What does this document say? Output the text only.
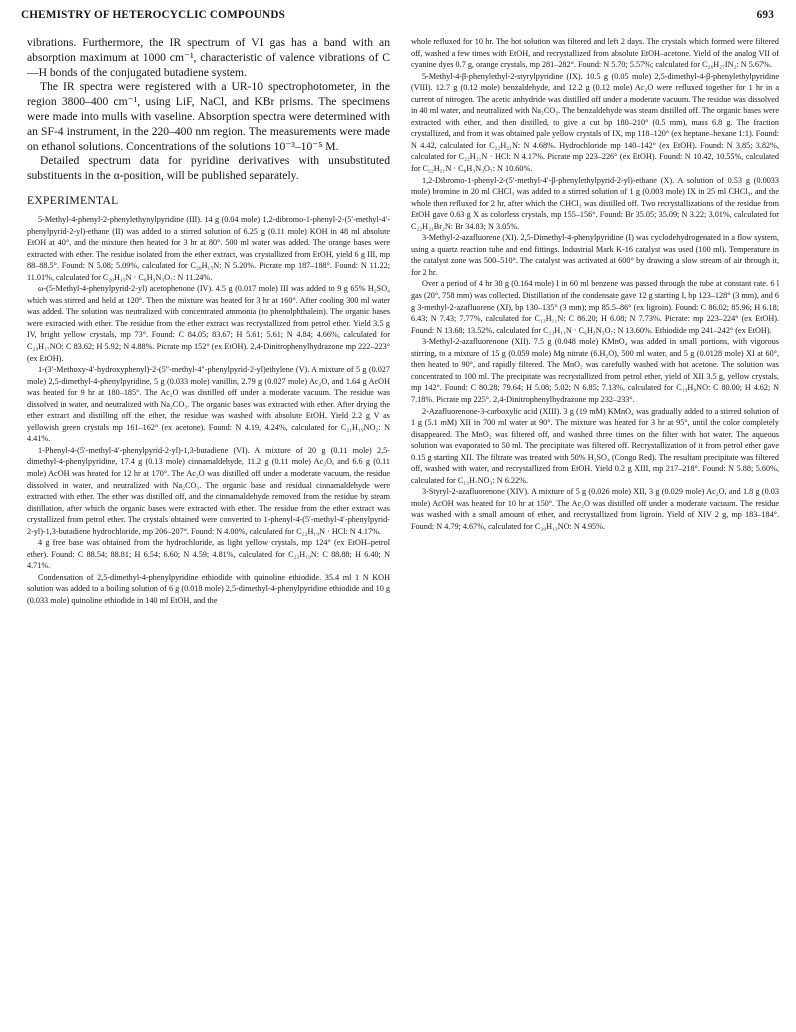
CHEMISTRY OF HETEROCYCLIC COMPOUNDS	693

vibrations. Furthermore, the IR spectrum of VI gas has a band with an absorption maximum at 1000 cm⁻¹, characteristic of valence vibrations of C—H bonds of the conjugated butadiene system.

The IR spectra were registered with a UR-10 spectrophotometer, in the region 3800–400 cm⁻¹, using LiF, NaCl, and KBr prisms. The specimens were made into mulls with vaseline. Absorption spectra were determined with an SF-4 instrument, in the 220–400 nm region. The measurements were made on ethanol solutions. Concentrations of the solutions 10⁻³–10⁻⁵ M.

Detailed spectrum data for pyridine derivatives with unsubstituted substituents in the α-position, will be published separately.

EXPERIMENTAL

5-Methyl-4-phenyl-2-phenylethynylpyridine (III). 14 g (0.04 mole) 1,2-dibromo-1-phenyl-2-(5′-methyl-4′-phenylpyrid-2-yl)-ethane (II) was added to a stirred solution of 6.25 g (0.11 mole) KOH in 48 ml absolute EtOH at 40°, and the mixture then heated for 3 hr at 80°. 500 ml water was added. The orange bases were extracted with ether. The residue isolated from the ether extract, was crystallized from EtOH, yield 6 g III, mp 88–88.5°. Found: N 5.08; 5.09%, calculated for C₂₀H₁₅N: N 5.20%. Picrate mp 187–188°. Found: N 11.22; 11.01%, calculated for C₂₀H₁₅N · C₆H₃N₃O₇: N 11.24%.

ω-(5-Methyl-4-phenylpyrid-2-yl) acetophenone (IV). 4.5 g (0.017 mole) III was added to 9 g 65% H₂SO₄ which was stirred and held at 120°. Then the mixture was heated for 3 hr at 160°. After cooling 300 ml water was added. The solution was neutralized with concentrated ammonia (to phenolphthalein). The organic bases were extracted with ether. The residue from the ether extract was recrystallized from petrol ether. Yield 3.5 g IV, bright yellow crystals, mp 73°. Found: C 84.05; 83.67; H 5.61; 5.61; N 4.84; 4.66%, calculated for C₂₀H₁₇NO: C 83.62; H 5.92; N 4.88%. Picrate mp 152° (ex EtOH). 2,4-Dinitrophenylhydrazone mp 222–223° (ex EtOH).

1-(3′-Methoxy-4′-hydroxyphenyl)-2-(5″-methyl-4″-phenylpyrid-2-yl)ethylene (V). A mixture of 5 g (0.027 mole) 2,5-dimethyl-4-phenylpyridine, 5 g (0.033 mole) vanillin, 2.79 g (0.027 mole) Ac₂O, and 1.64 g AcOH was heated for 9 hr at 180–185°. The Ac₂O was distilled off under a moderate vacuum. The residue was dissolved in water, and neutralized with Na₂CO₃. The organic bases was extracted with ether. After drying the ether extract and distilling off the ether, the residue was washed with absolute EtOH. Yield 2.2 g V as yellowish green crystals mp 161–162° (ex acetone). Found: N 4.19, 4.24%, calculated for C₂₁H₁₉NO₂: N 4.41%.

1-Phenyl-4-(5′-methyl-4′-phenylpyrid-2-yl)-1,3-butadiene (VI). A mixture of 20 g (0.11 mole) 2,5-dimethyl-4-phenylpyridine, 17.4 g (0.13 mole) cinnamaldehyde, 11.2 g (0.11 mole) Ac₂O, and 6.6 g (0.11 mole) AcOH was heated for 12 hr at 170°. The Ac₂O was distilled off under a moderate vacuum, the residue dissolved in water, and neutralized with Na₂CO₃. The organic base and residual cinnamaldehyde were extracted with ether. The ether was distilled off, and the cinnamaldehyde removed from the residue by steam distillation, after which the organic bases were extracted with ether. The residue from the ether extract was crystallized from petrol ether. The crystals obtained were converted to 1-phenyl-4-(5′-methyl-4′-phenylpyrid-2-yl)-1,3-butadiene hydrochloride, mp 206–207°. Found: N 4.00%, calculated for C₂₂H₁₉N · HCl: N 4.17%.

4 g free base was obtained from the hydrochloride, as light yellow crystals, mp 124° (ex EtOH–petrol ether). Found: C 88.54; 88.81; H 6.54; 6.60; N 4.59; 4.81%, calculated for C₂₂H₁₉N: C 88.88; H 6.40; N 4.71%.

Condensation of 2,5-dimethyl-4-phenylpyridine ethiodide with quinoline ethiodide. 35.4 ml 1 N KOH solution was added to a boiling solution of 6 g (0.018 mole) 2,5-dimethyl-4-phenylpyridine ethiodide and 10 g (0.033 mole) quinoline ethiodide in 140 ml EtOH, and the

whole refluxed for 10 hr. The hot solution was filtered and left 2 days. The crystals which formed were filtered off, washed a few times with EtOH, and recrystallized from absolute EtOH–acetone. Yield of the analog VII of cyanine dyes 0.7 g, orange crystals, mp 281–282°. Found: N 5.70; 5.57%; calculated for C₂₆H₂₇IN₂: N 5.67%.

5-Methyl-4-β-phenylethyl-2-styrylpyridine (IX). 10.5 g (0.05 mole) 2,5-dimethyl-4-β-phenylethylpyridine (VIII). 12.7 g (0.12 mole) benzaldehyde, and 12.2 g (0.12 mole) Ac₂O were refluxed together for 1 hr in a current of nitrogen. The acetic anhydride was distilled off under a moderate vacuum. The residue was dissolved in 40 ml water, and neutralized with Na₂CO₃. The benzaldehyde was steam distilled off. The organic bases were extracted with ether, and then distilled, to give a cut bp 180–210° (0.5 mm), mass 6.8 g. The fraction crystallized, and from it was obtained pale yellow crystals of IX, mp 118–120° (ex heptane–hexane 1:1). Found: N 4.42, calculated for C₂₂H₂₁N: N 4.68%. Hydrochloride mp 140–142° (ex EtOH). Found: N 3.85; 3.82%, calculated for C₂₂H₂₁N · HCl: N 4.17%. Picrate mp 223–226° (ex EtOH). Found: N 10.42, 10.55%, calculated for C₂₂H₂₁N · C₆H₃N₃O₇: N 10.60%.

1,2-Dibromo-1-phenyl-2-(5′-methyl-4′-β-phenylethylpyrid-2-yl)-ethane (X). A solution of 0.53 g (0.0033 mole) bromine in 20 ml CHCl₃ was added to a stirred solution of 1 g (0.003 mole) IX in 25 ml CHCl₃, and the whole then refluxed for 2 hr, after which the CHCl₃ was distilled off. Two recrystallizations of the residue from EtOH gave 0.63 g X as colorless crystals, mp 155–156°. Found: Br 35.05; 35.09; N 3.22; 3.01%, calculated for C₂₂H₂₁Br₂N: Br 34.83; N 3.05%.

3-Methyl-2-azafluorene (XI). 2,5-Dimethyl-4-phenylpyridine (I) was cyclodehydrogenated in a flow system, using a quartz reaction tube and end fittings. Industrial Mark K-16 catalyst was used (100 ml). Temperature in the catalyst zone was 500–510°. The catalyst was activated at 600° by drawing a slow stream of air through it, for 2 hr.

Over a period of 4 hr 30 g (0.164 mole) I in 60 ml benzene was passed through the tube at constant rate. 6 l gas (20°, 758 mm) was collected. Distillation of the condensate gave 12 g starting I, bp 123–128° (3 mm), and 6 g 3-methyl-2-azafluorene (XI), bp 130–135° (3 mm); mp 85.5–86° (ex ligroin). Found: C 86.02; 85.96; H 6.18; 6.43; N 7.43; 7.77%, calculated for C₁₃H₁₁N: C 86.20; H 6.08; N 7.73%. Picrate: mp 223–224° (ex EtOH). Found: N 13.68; 13.52%, calculated for C₁₃H₁₁N · C₆H₃N₃O₇: N 13.60%. Ethiodide mp 241–242° (ex EtOH).

3-Methyl-2-azafluorenone (XII). 7.5 g (0.048 mole) KMnO₄ was added in small portions, with vigorous stirring, to a mixture of 15 g (0.059 mole) Mg nitrate (6.H₂O), 500 ml water, and 5 g (0.0128 mole) XI at 60°, then heated to 90°, and rapidly filtered. The MnO₂ was carefully washed with hot acetone. The solution was concentrated to 100 ml. The precipitate was recrystallized from petrol ether, yield of XII 3.5 g, yellow crystals, mp 142°. Found: C 80.28; 79.64; H 5.08; 5.02; N 6.85; 7.13%, calculated for C₁₃H₉NO: C 80.00; H 4.62; N 7.18%. Picrate mp 225°. 2,4-Dinitrophenylhydrazone mp 232–233°.

2-Azafluorenone-3-carboxylic acid (XIII). 3 g (19 mM) KMnO₄ was gradually added to a stirred solution of 1 g (5.1 mM) XII in 700 ml water at 90°. The mixture was heated for 3 hr at 95°, until the color completely disappeared. The MnO₂ was filtered off, and washed three times on the filter with hot water. The aqueous solution was evaporated to 50 ml. The precipitate was filtered off. Recrystallization of it from petrol ether gave 0.15 g starting XII. The filtrate was treated with 50% H₂SO₄ (Congo Red). The resultant precipitate was filtered off, washed with water, and recrystallized from EtOH. Yield 0.2 g XIII, mp 217–218°. Found: N 5.88; 5.60%, calculated for C₁₃H₇NO₃: N 6.22%.

3-Styryl-2-azafluorenone (XIV). A mixture of 5 g (0.026 mole) XII, 3 g (0.029 mole) Ac₂O, and 1.8 g (0.03 mole) AcOH was heated for 10 hr at 150°. The Ac₂O was distilled off under a moderate vacuum. The residue was washed with a small amount of ether, and recrystallized from ligroin. Yield of XIV 2 g, mp 183–184°. Found: N 4.79; 4.67%, calculated for C₂₀H₁₃NO: N 4.95%.
